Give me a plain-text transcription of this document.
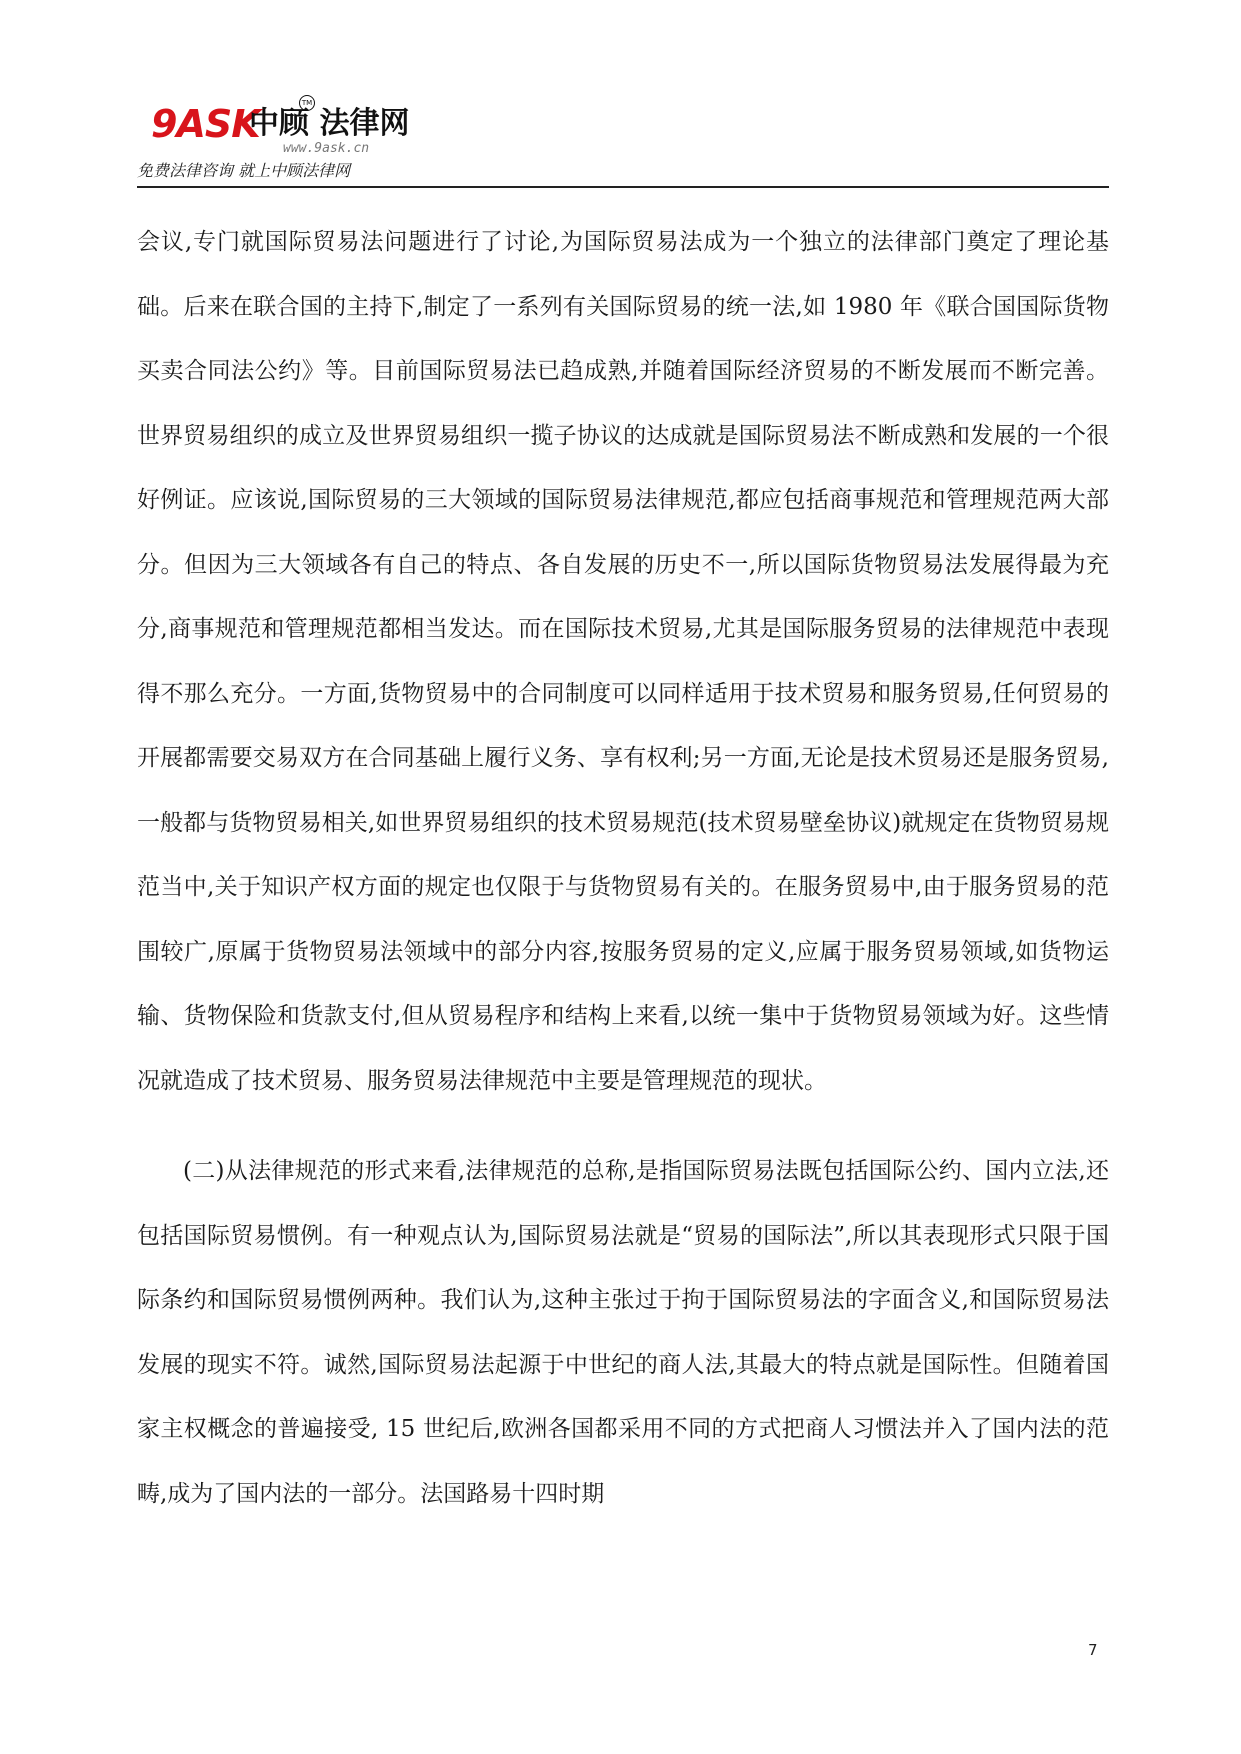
9ASK
中顾 法律网
TM
www.9ask.cn
免费法律咨询 就上中顾法律网

会议,专门就国际贸易法问题进行了讨论,为国际贸易法成为一个独立的法律部门奠定了理论基础。后来在联合国的主持下,制定了一系列有关国际贸易的统一法,如 1980 年《联合国国际货物买卖合同法公约》等。目前国际贸易法已趋成熟,并随着国际经济贸易的不断发展而不断完善。世界贸易组织的成立及世界贸易组织一揽子协议的达成就是国际贸易法不断成熟和发展的一个很好例证。应该说,国际贸易的三大领域的国际贸易法律规范,都应包括商事规范和管理规范两大部分。但因为三大领域各有自己的特点、各自发展的历史不一,所以国际货物贸易法发展得最为充分,商事规范和管理规范都相当发达。而在国际技术贸易,尤其是国际服务贸易的法律规范中表现得不那么充分。一方面,货物贸易中的合同制度可以同样适用于技术贸易和服务贸易,任何贸易的开展都需要交易双方在合同基础上履行义务、享有权利;另一方面,无论是技术贸易还是服务贸易,一般都与货物贸易相关,如世界贸易组织的技术贸易规范(技术贸易壁垒协议)就规定在货物贸易规范当中,关于知识产权方面的规定也仅限于与货物贸易有关的。在服务贸易中,由于服务贸易的范围较广,原属于货物贸易法领域中的部分内容,按服务贸易的定义,应属于服务贸易领域,如货物运输、货物保险和货款支付,但从贸易程序和结构上来看,以统一集中于货物贸易领域为好。这些情况就造成了技术贸易、服务贸易法律规范中主要是管理规范的现状。

(二)从法律规范的形式来看,法律规范的总称,是指国际贸易法既包括国际公约、国内立法,还包括国际贸易惯例。有一种观点认为,国际贸易法就是“贸易的国际法”,所以其表现形式只限于国际条约和国际贸易惯例两种。我们认为,这种主张过于拘于国际贸易法的字面含义,和国际贸易法发展的现实不符。诚然,国际贸易法起源于中世纪的商人法,其最大的特点就是国际性。但随着国家主权概念的普遍接受, 15 世纪后,欧洲各国都采用不同的方式把商人习惯法并入了国内法的范畴,成为了国内法的一部分。法国路易十四时期

7
